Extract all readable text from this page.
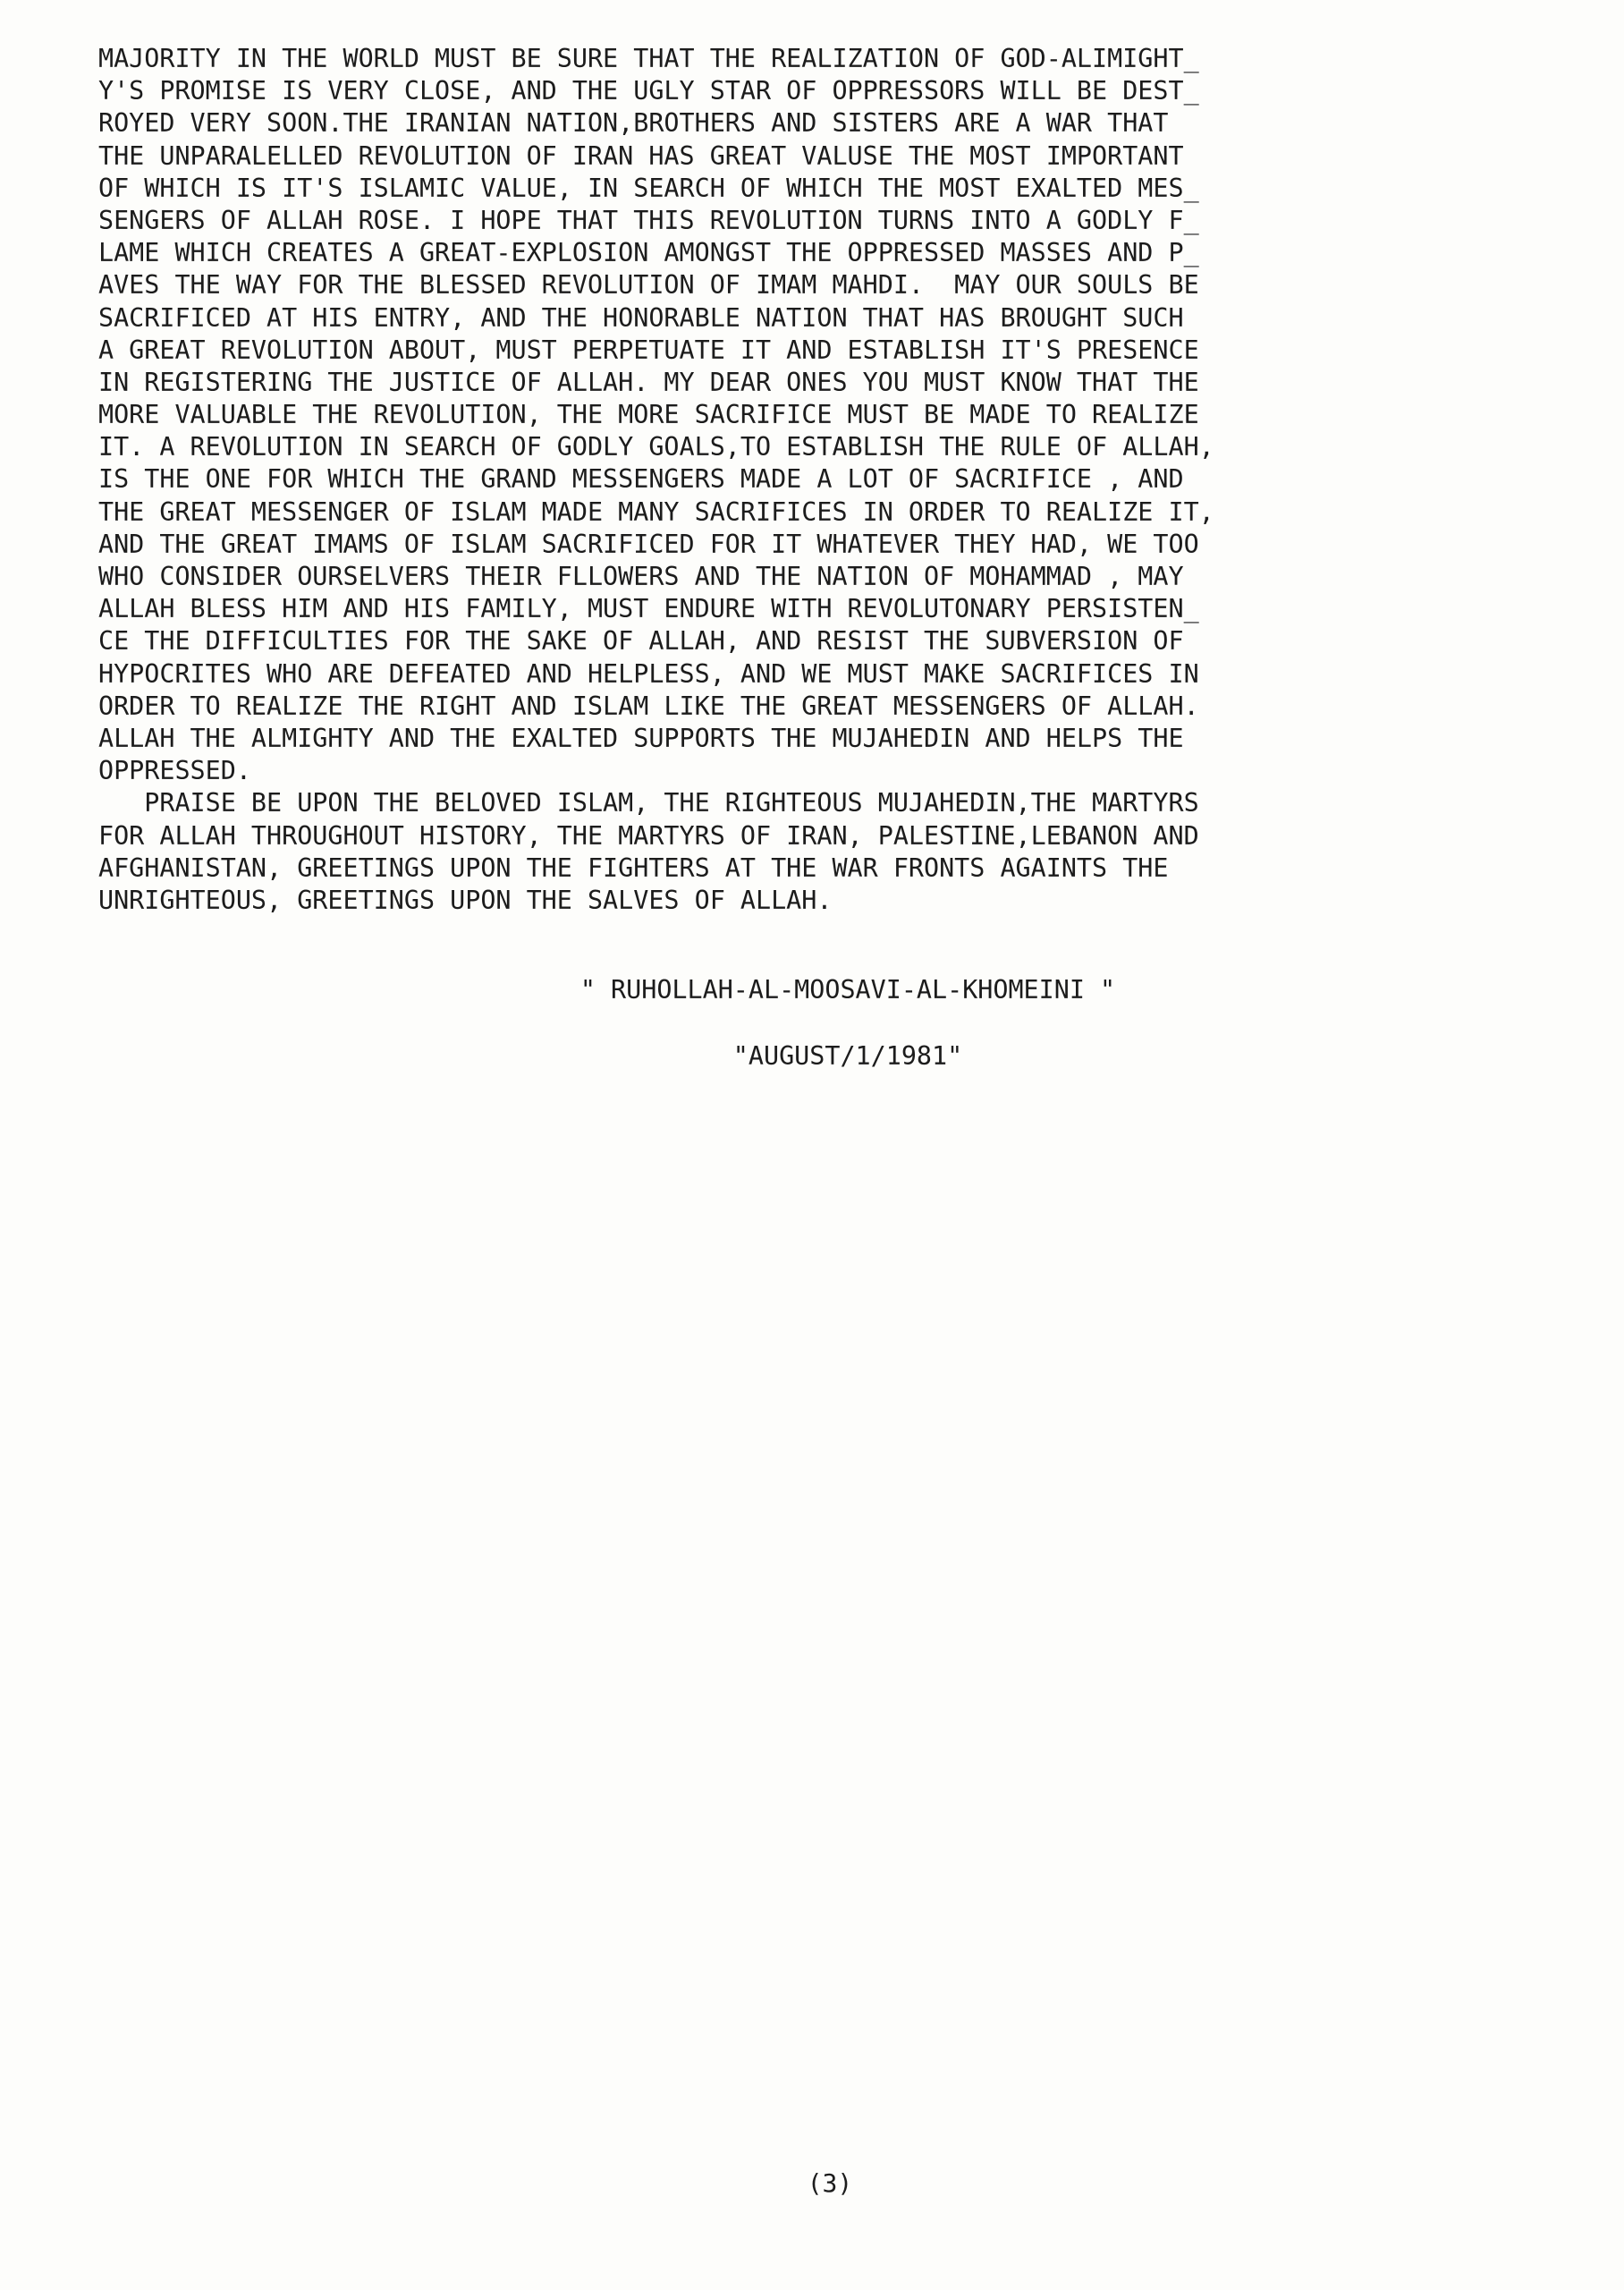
MAJORITY IN THE WORLD MUST BE SURE THAT THE REALIZATION OF GOD-ALIMIGHT_
Y'S PROMISE IS VERY CLOSE, AND THE UGLY STAR OF OPPRESSORS WILL BE DEST_
ROYED VERY SOON.THE IRANIAN NATION,BROTHERS AND SISTERS ARE A WAR THAT
THE UNPARALELLED REVOLUTION OF IRAN HAS GREAT VALUSE THE MOST IMPORTANT
OF WHICH IS IT'S ISLAMIC VALUE, IN SEARCH OF WHICH THE MOST EXALTED MES_
SENGERS OF ALLAH ROSE. I HOPE THAT THIS REVOLUTION TURNS INTO A GODLY F_
LAME WHICH CREATES A GREAT-EXPLOSION AMONGST THE OPPRESSED MASSES AND P_
AVES THE WAY FOR THE BLESSED REVOLUTION OF IMAM MAHDI.  MAY OUR SOULS BE
SACRIFICED AT HIS ENTRY, AND THE HONORABLE NATION THAT HAS BROUGHT SUCH
A GREAT REVOLUTION ABOUT, MUST PERPETUATE IT AND ESTABLISH IT'S PRESENCE
IN REGISTERING THE JUSTICE OF ALLAH. MY DEAR ONES YOU MUST KNOW THAT THE
MORE VALUABLE THE REVOLUTION, THE MORE SACRIFICE MUST BE MADE TO REALIZE
IT. A REVOLUTION IN SEARCH OF GODLY GOALS,TO ESTABLISH THE RULE OF ALLAH,
IS THE ONE FOR WHICH THE GRAND MESSENGERS MADE A LOT OF SACRIFICE , AND
THE GREAT MESSENGER OF ISLAM MADE MANY SACRIFICES IN ORDER TO REALIZE IT,
AND THE GREAT IMAMS OF ISLAM SACRIFICED FOR IT WHATEVER THEY HAD, WE TOO
WHO CONSIDER OURSELVERS THEIR FLLOWERS AND THE NATION OF MOHAMMAD , MAY
ALLAH BLESS HIM AND HIS FAMILY, MUST ENDURE WITH REVOLUTONARY PERSISTEN_
CE THE DIFFICULTIES FOR THE SAKE OF ALLAH, AND RESIST THE SUBVERSION OF
HYPOCRITES WHO ARE DEFEATED AND HELPLESS, AND WE MUST MAKE SACRIFICES IN
ORDER TO REALIZE THE RIGHT AND ISLAM LIKE THE GREAT MESSENGERS OF ALLAH.
ALLAH THE ALMIGHTY AND THE EXALTED SUPPORTS THE MUJAHEDIN AND HELPS THE
OPPRESSED.
PRAISE BE UPON THE BELOVED ISLAM, THE RIGHTEOUS MUJAHEDIN,THE MARTYRS
FOR ALLAH THROUGHOUT HISTORY, THE MARTYRS OF IRAN, PALESTINE,LEBANON AND
AFGHANISTAN, GREETINGS UPON THE FIGHTERS AT THE WAR FRONTS AGAINTS THE
UNRIGHTEOUS, GREETINGS UPON THE SALVES OF ALLAH.
" RUHOLLAH-AL-MOOSAVI-AL-KHOMEINI "
"AUGUST/1/1981"
(3)
